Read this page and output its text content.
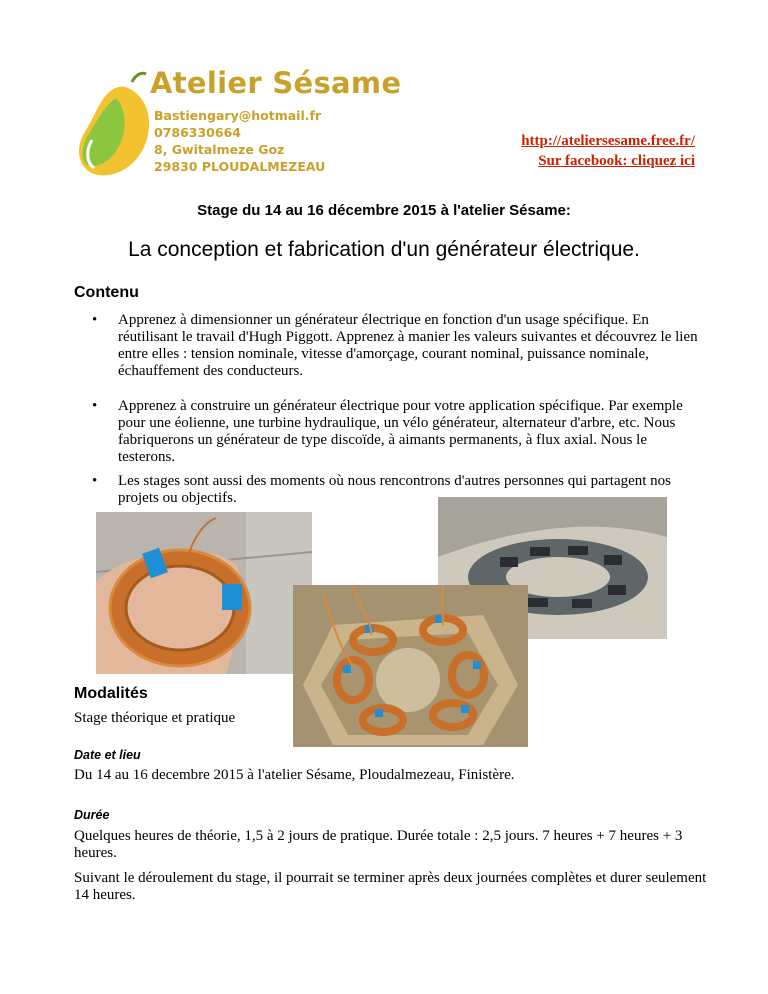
Atelier Sésame
Bastiengary@hotmail.fr
0786330664
8, Gwitalmeze Goz
29830 PLOUDALMEZEAU
http://ateliersesame.free.fr/
Sur facebook: cliquez ici
Stage du 14 au 16 décembre 2015 à l'atelier Sésame:
La conception et fabrication d'un générateur électrique.
Contenu
• Apprenez à dimensionner un générateur électrique en fonction d'un usage spécifique. En réutilisant le travail d'Hugh Piggott. Apprenez à manier les valeurs suivantes et découvrez le lien entre elles : tension nominale, vitesse d'amorçage, courant nominal, puissance nominale, échauffement des conducteurs.
• Apprenez à construire un générateur électrique pour votre application spécifique. Par exemple pour une éolienne, une turbine hydraulique, un vélo générateur, alternateur d'arbre, etc. Nous fabriquerons un générateur de type discoïde, à aimants permanents, à flux axial. Nous le testerons.
• Les stages sont aussi des moments où nous rencontrons d'autres personnes qui partagent nos projets ou objectifs.
Modalités
Stage théorique et pratique
Date et lieu
Du 14 au 16 decembre 2015 à l'atelier Sésame, Ploudalmezeau, Finistère.
Durée
Quelques heures de théorie, 1,5 à 2 jours de pratique. Durée totale : 2,5 jours. 7 heures + 7 heures + 3 heures.
Suivant le déroulement du stage, il pourrait se terminer après deux journées complètes et durer seulement 14 heures.
